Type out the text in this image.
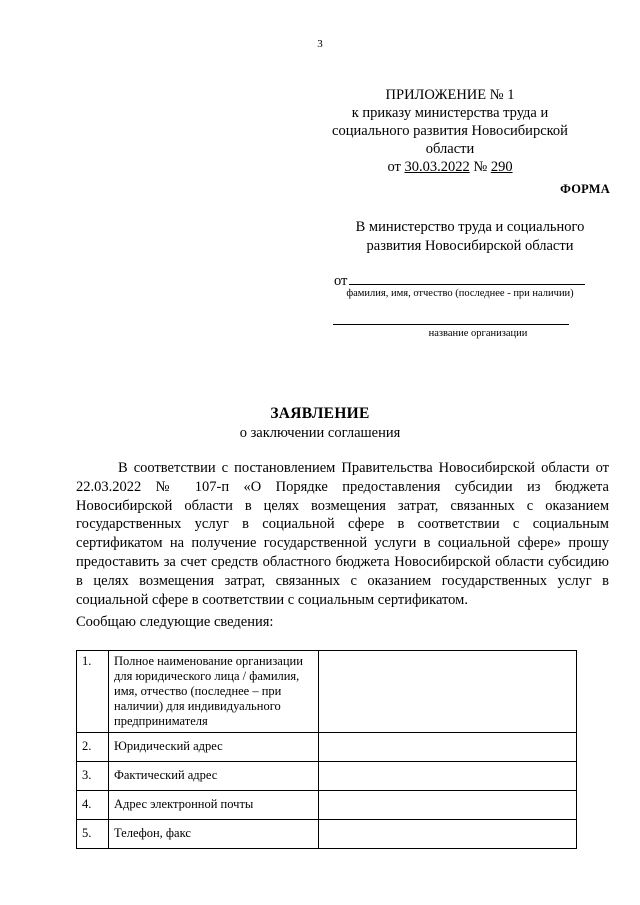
3
ПРИЛОЖЕНИЕ № 1
к приказу министерства труда и
социального развития Новосибирской
области
от 30.03.2022 № 290
ФОРМА
В министерство труда и социального
развития Новосибирской области
от
фамилия, имя, отчество (последнее - при наличии)
название организации
ЗАЯВЛЕНИЕ
о заключении соглашения

В соответствии с постановлением Правительства Новосибирской области от 22.03.2022 № 107-п «О Порядке предоставления субсидии из бюджета Новосибирской области в целях возмещения затрат, связанных с оказанием государственных услуг в социальной сфере в соответствии с социальным сертификатом на получение государственной услуги в социальной сфере» прошу предоставить за счет средств областного бюджета Новосибирской области субсидию в целях возмещения затрат, связанных с оказанием государственных услуг в социальной сфере в соответствии с социальным сертификатом.

Сообщаю следующие сведения:
1.	Полное наименование организации для юридического лица / фамилия, имя, отчество (последнее – при наличии) для индивидуального предпринимателя	
2.	Юридический адрес	
3.	Фактический адрес	
4.	Адрес электронной почты	
5.	Телефон, факс	
